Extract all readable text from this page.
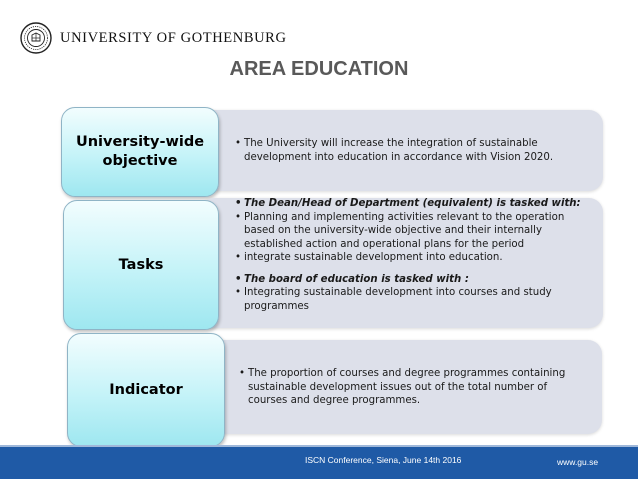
UNIVERSITY OF GOTHENBURG
AREA EDUCATION
• The University will increase the integration of sustainable development into education in accordance with Vision 2020.
University-wide
objective
• The Dean/Head of Department (equivalent) is tasked with:
• Planning and implementing activities relevant to the operation based on the university-wide objective and their internally established action and operational plans for the period
• integrate sustainable development into education.
• The board of education is tasked with :
• Integrating sustainable development into courses and study programmes
Tasks
• The proportion of courses and degree programmes containing sustainable development issues out of the total number of courses and degree programmes.
Indicator
ISCN Conference, Siena, June 14th 2016	www.gu.se
